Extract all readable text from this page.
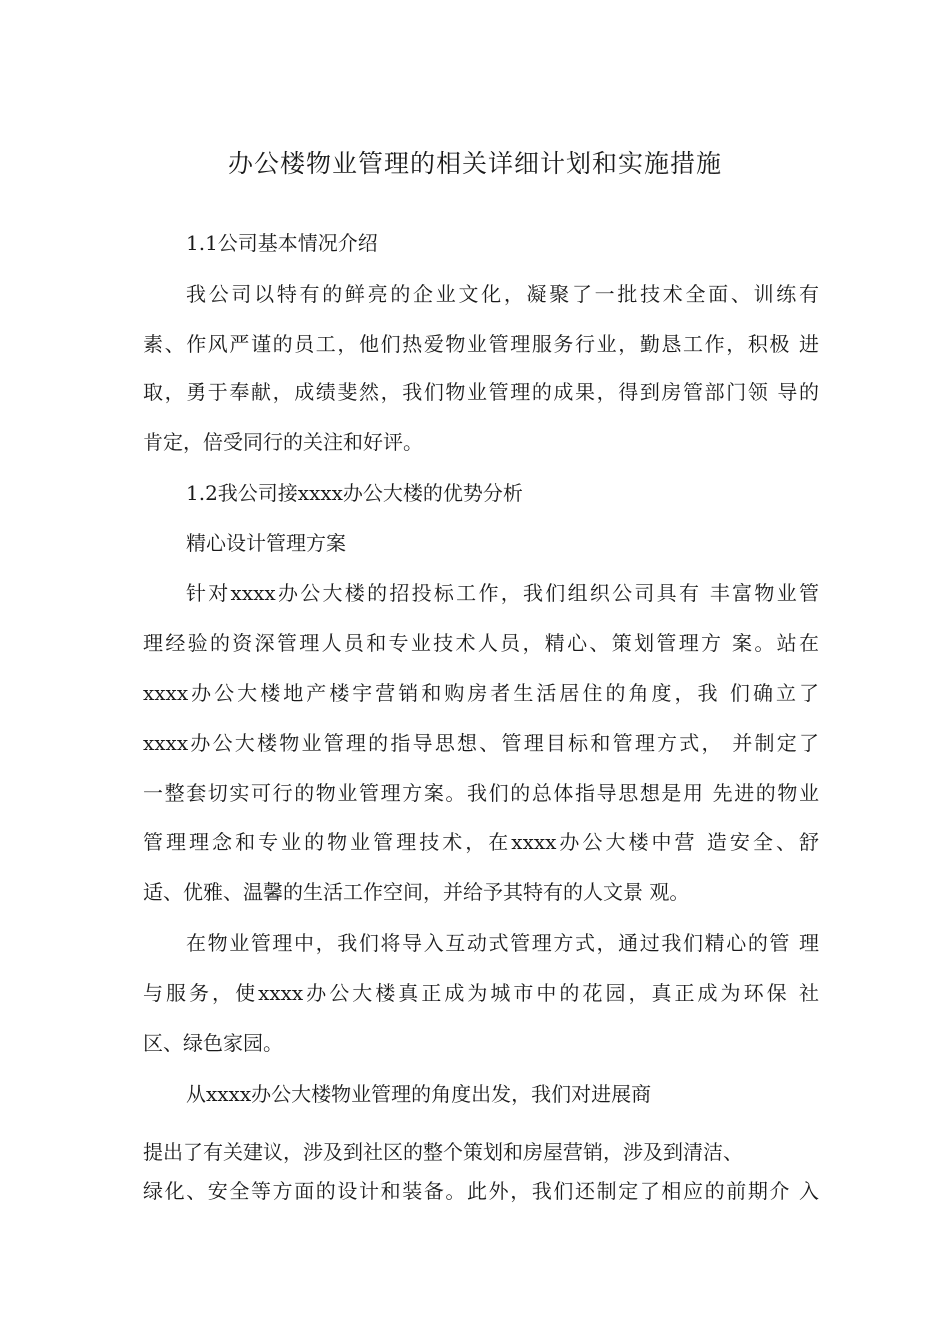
办公楼物业管理的相关详细计划和实施措施
1.1公司基本情况介绍
我公司以特有的鲜亮的企业文化，凝聚了一批技术全面、训练有
素、作风严谨的员工，他们热爱物业管理服务行业，勤恳工作，积极 进
取，勇于奉献，成绩斐然，我们物业管理的成果，得到房管部门领 导的
肯定，倍受同行的关注和好评。
1.2我公司接xxxx办公大楼的优势分析
精心设计管理方案
针对xxxx办公大楼的招投标工作，我们组织公司具有 丰富物业管
理经验的资深管理人员和专业技术人员，精心、策划管理方 案。站在
xxxx办公大楼地产楼宇营销和购房者生活居住的角度，我 们确立了
xxxx办公大楼物业管理的指导思想、管理目标和管理方式， 并制定了
一整套切实可行的物业管理方案。我们的总体指导思想是用 先进的物业
管理理念和专业的物业管理技术，在xxxx办公大楼中营 造安全、舒
适、优雅、温馨的生活工作空间，并给予其特有的人文景 观。
在物业管理中，我们将导入互动式管理方式，通过我们精心的管 理
与服务，使xxxx办公大楼真正成为城市中的花园，真正成为环保 社
区、绿色家园。
从xxxx办公大楼物业管理的角度出发，我们对进展商
提出了有关建议，涉及到社区的整个策划和房屋营销，涉及到清洁、
绿化、安全等方面的设计和装备。此外，我们还制定了相应的前期介 入
